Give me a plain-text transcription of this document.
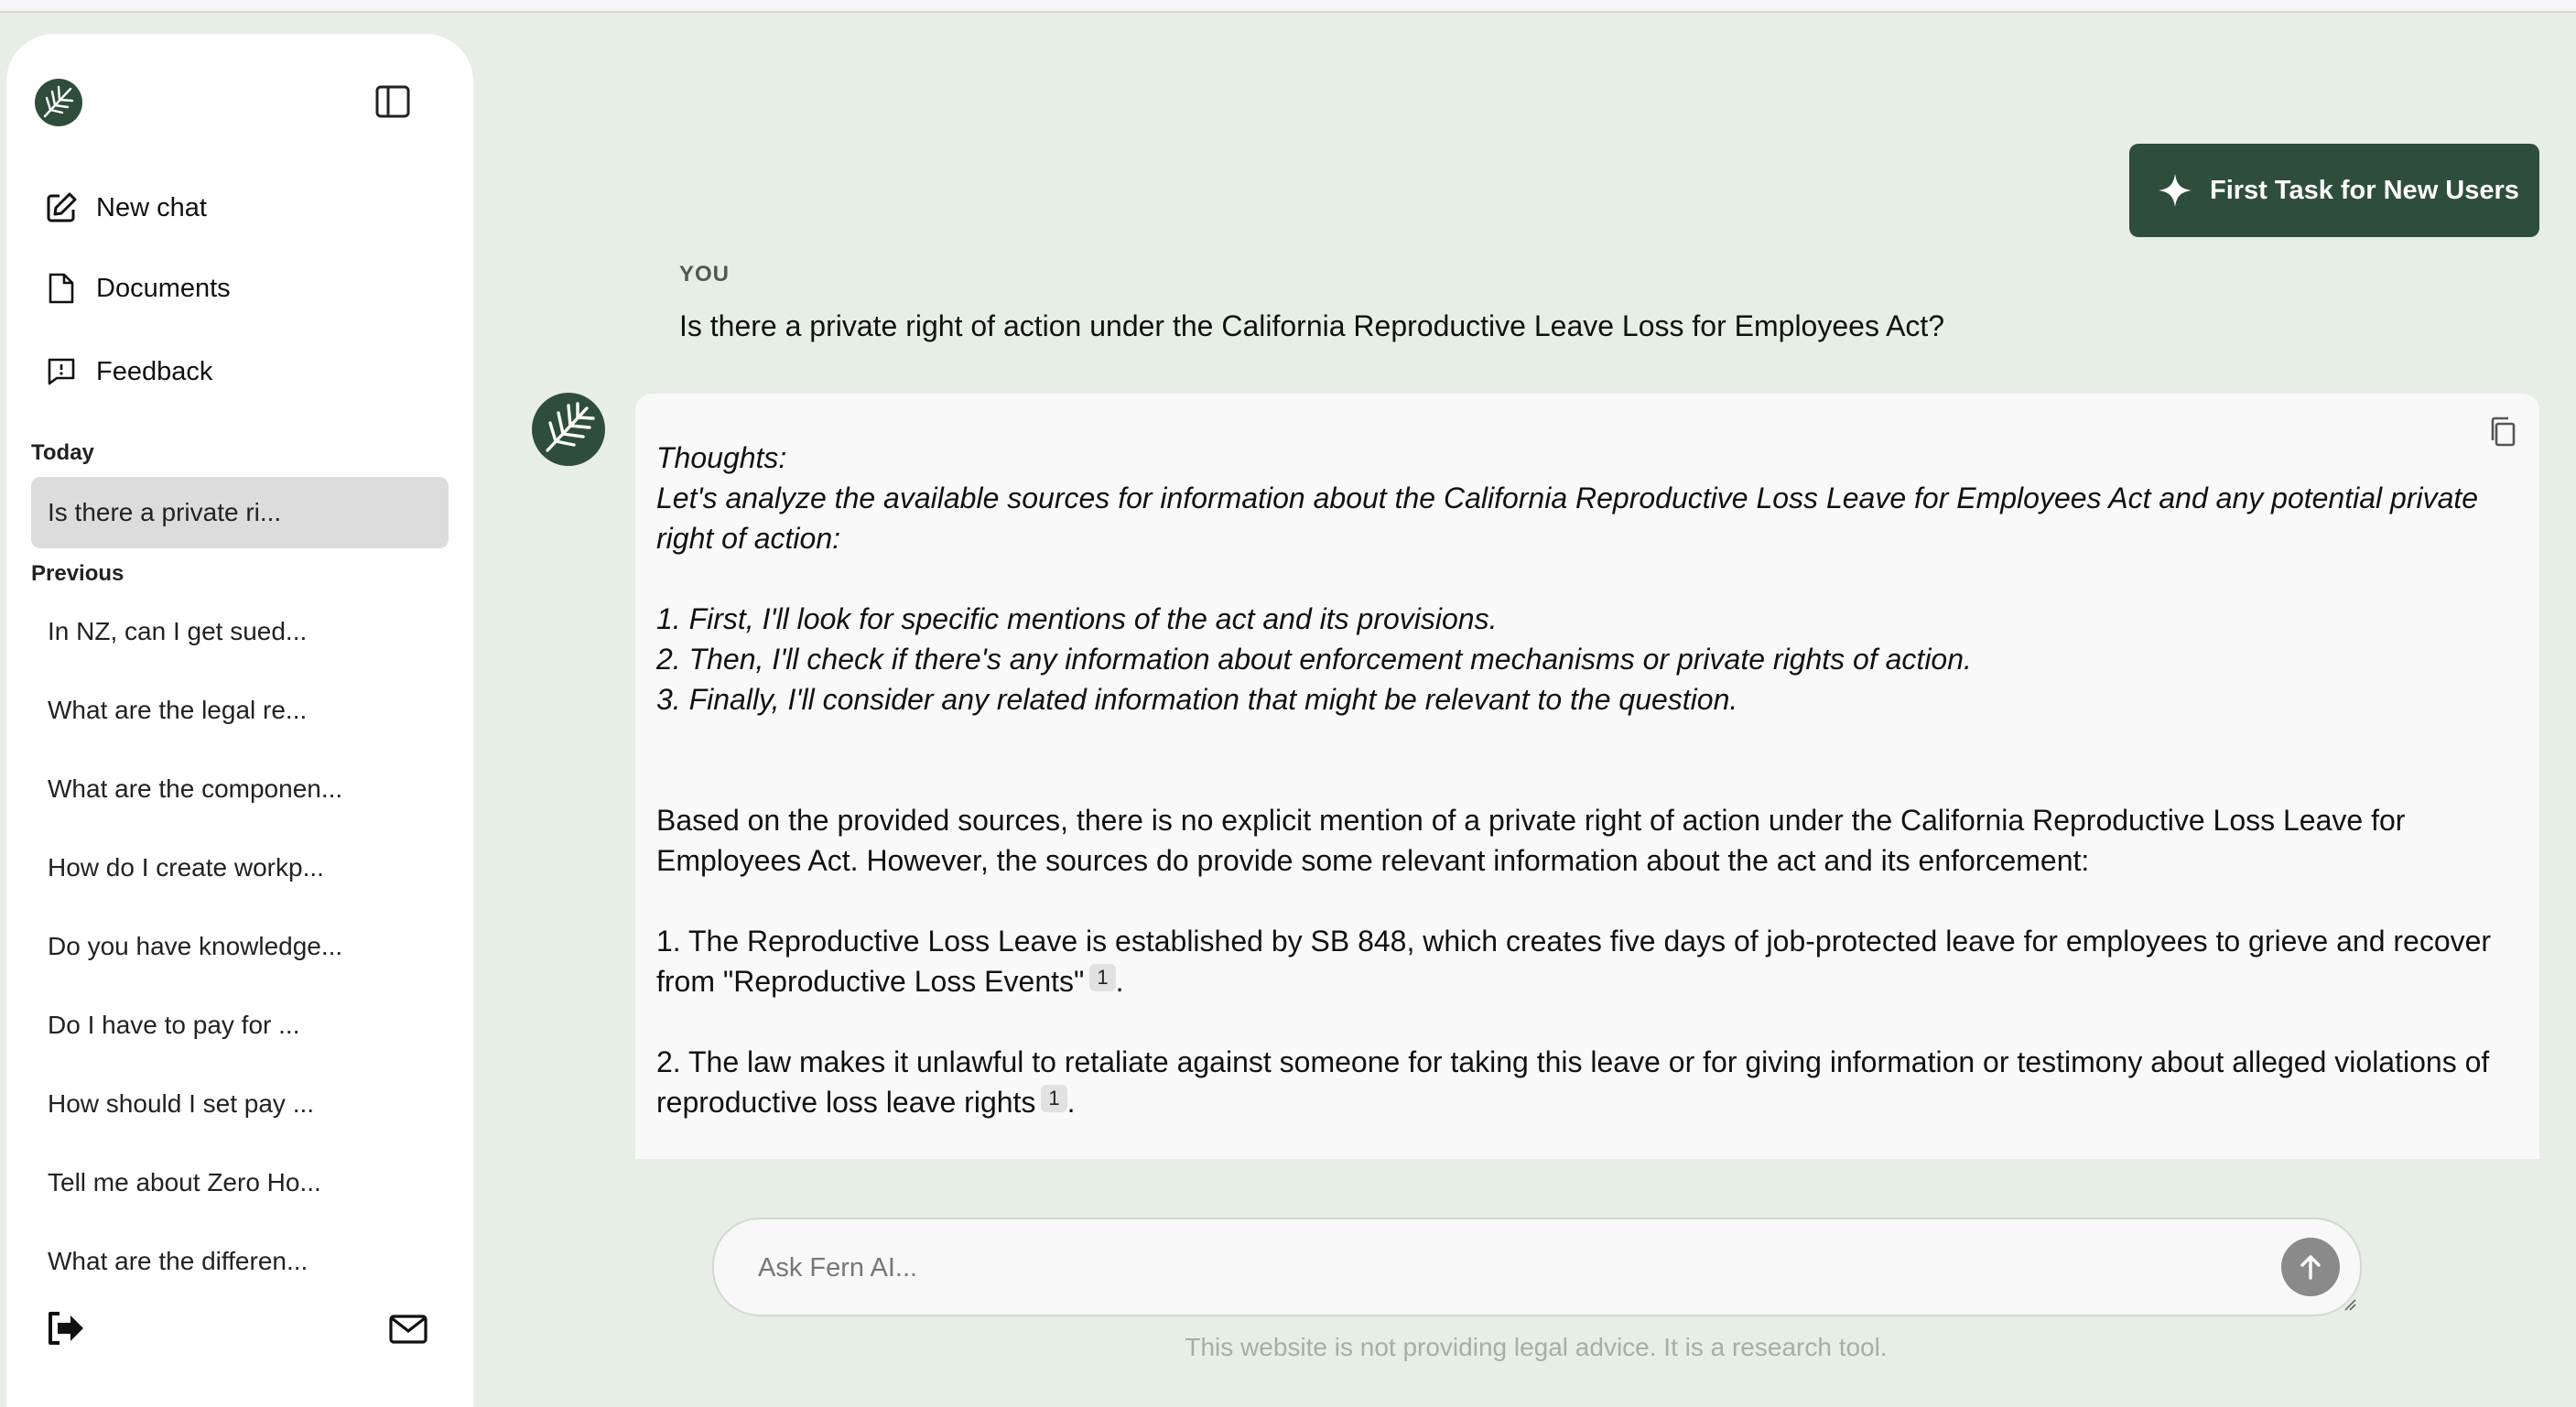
New chat
Documents
Feedback
Today
Is there a private ri...
Previous
In NZ, can I get sued...
What are the legal re...
What are the componen...
How do I create workp...
Do you have knowledge...
Do I have to pay for ...
How should I set pay ...
Tell me about Zero Ho...
What are the differen...
First Task for New Users
YOU
Is there a private right of action under the California Reproductive Leave Loss for Employees Act?

Thoughts:

Let's analyze the available sources for information about the California Reproductive Loss Leave for Employees Act and any potential private right of action:

1. First, I'll look for specific mentions of the act and its provisions.

2. Then, I'll check if there's any information about enforcement mechanisms or private rights of action.

3. Finally, I'll consider any related information that might be relevant to the question.

Based on the provided sources, there is no explicit mention of a private right of action under the California Reproductive Loss Leave for Employees Act. However, the sources do provide some relevant information about the act and its enforcement:

1. The Reproductive Loss Leave is established by SB 848, which creates five days of job-protected leave for employees to grieve and recover from "Reproductive Loss Events" 1 .

2. The law makes it unlawful to retaliate against someone for taking this leave or for giving information or testimony about alleged violations of reproductive loss leave rights 1 .

Ask Fern AI...
This website is not providing legal advice. It is a research tool.
